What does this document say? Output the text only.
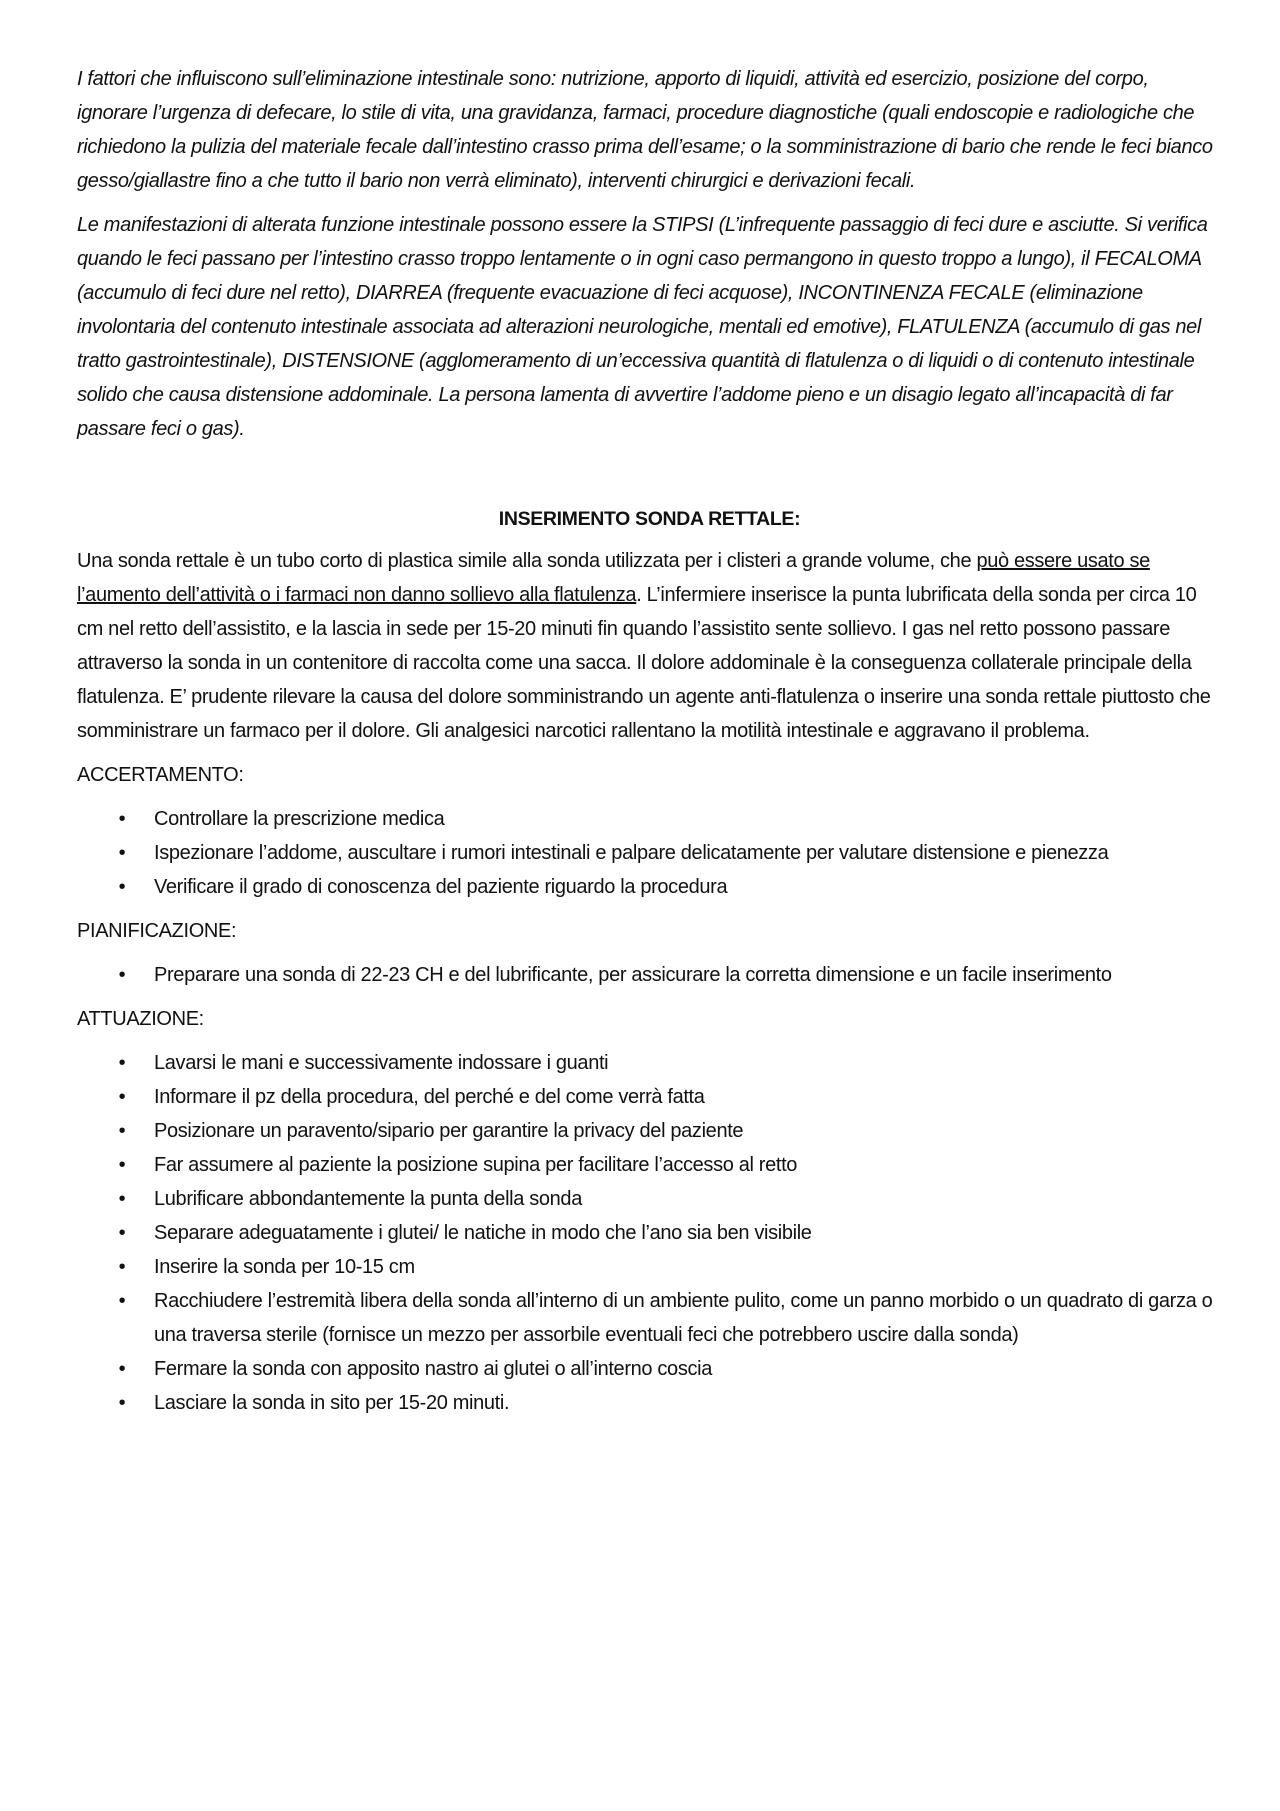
I fattori che influiscono sull’eliminazione intestinale sono: nutrizione, apporto di liquidi, attività ed esercizio, posizione del corpo, ignorare l’urgenza di defecare, lo stile di vita, una gravidanza, farmaci, procedure diagnostiche (quali endoscopie e radiologiche che richiedono la pulizia del materiale fecale dall’intestino crasso prima dell’esame; o la somministrazione di bario che rende le feci bianco gesso/giallastre fino a che tutto il bario non verrà eliminato), interventi chirurgici e derivazioni fecali.

Le manifestazioni di alterata funzione intestinale possono essere la STIPSI (L’infrequente passaggio di feci dure e asciutte. Si verifica quando le feci passano per l’intestino crasso troppo lentamente o in ogni caso permangono in questo troppo a lungo), il FECALOMA (accumulo di feci dure nel retto), DIARREA (frequente evacuazione di feci acquose), INCONTINENZA FECALE (eliminazione involontaria del contenuto intestinale associata ad alterazioni neurologiche, mentali ed emotive), FLATULENZA (accumulo di gas nel tratto gastrointestinale), DISTENSIONE (agglomeramento di un’eccessiva quantità di flatulenza o di liquidi o di contenuto intestinale solido che causa distensione addominale. La persona lamenta di avvertire l’addome pieno e un disagio legato all’incapacità di far passare feci o gas).

INSERIMENTO SONDA RETTALE:

Una sonda rettale è un tubo corto di plastica simile alla sonda utilizzata per i clisteri a grande volume, che può essere usato se l’aumento dell’attività o i farmaci non danno sollievo alla flatulenza. L’infermiere inserisce la punta lubrificata della sonda per circa 10 cm nel retto dell’assistito, e la lascia in sede per 15-20 minuti fin quando l’assistito sente sollievo. I gas nel retto possono passare attraverso la sonda in un contenitore di raccolta come una sacca. Il dolore addominale è la conseguenza collaterale principale della flatulenza. E’ prudente rilevare la causa del dolore somministrando un agente anti-flatulenza o inserire una sonda rettale piuttosto che somministrare un farmaco per il dolore. Gli analgesici narcotici rallentano la motilità intestinale e aggravano il problema.

ACCERTAMENTO:
• Controllare la prescrizione medica
• Ispezionare l’addome, auscultare i rumori intestinali e palpare delicatamente per valutare distensione e pienezza
• Verificare il grado di conoscenza del paziente riguardo la procedura
PIANIFICAZIONE:
• Preparare una sonda di 22-23 CH e del lubrificante, per assicurare la corretta dimensione e un facile inserimento
ATTUAZIONE:
• Lavarsi le mani e successivamente indossare i guanti
• Informare il pz della procedura, del perché e del come verrà fatta
• Posizionare un paravento/sipario per garantire la privacy del paziente
• Far assumere al paziente la posizione supina per facilitare l’accesso al retto
• Lubrificare abbondantemente la punta della sonda
• Separare adeguatamente i glutei/ le natiche in modo che l’ano sia ben visibile
• Inserire la sonda per 10-15 cm
• Racchiudere l’estremità libera della sonda all’interno di un ambiente pulito, come un panno morbido o un quadrato di garza o una traversa sterile (fornisce un mezzo per assorbile eventuali feci che potrebbero uscire dalla sonda)
• Fermare la sonda con apposito nastro ai glutei o all’interno coscia
• Lasciare la sonda in sito per 15-20 minuti.
